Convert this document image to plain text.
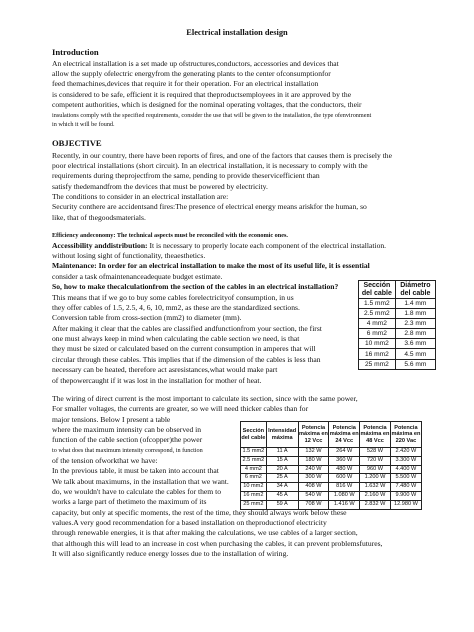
Electrical installation design
Introduction
An electrical installation is a set made up ofstructures,conductors, accessories and devices that
allow the supply ofelectric energyfrom the generating plants to the center ofconsumptionfor
feed themachines,devices that require it for their operation. For an electrical installation
is considered to be safe, efficient it is required that theproductsemployees in it are approved by the
competent authorities, which is designed for the nominal operating voltages, that the conductors, their
insulations comply with the specified requirements, consider the use that will be given to the installation, the type ofenvironment
in which it will be found.
OBJECTIVE
Recently, in our country, there have been reports of fires, and one of the factors that causes them is precisely the
poor electrical installations (short circuit). In an electrical installation, it is necessary to comply with the
requirements during theprojectfrom the same, pending to provide theservicefficient than
satisfy thedemandfrom the devices that must be powered by electricity.
The conditions to consider in an electrical installation are:
Security conthere are accidentsand fires:The presence of electrical energy means ariskfor the human, so
like, that of thegoodsmaterials.
Efficiency andeconomy: The technical aspects must be reconciled with the economic ones.
Accessibility anddistribution: It is necessary to properly locate each component of the electrical installation.
without losing sight of functionality, theaesthetics.
Maintenance: In order for an electrical installation to make the most of its useful life, it is essential
consider a task ofmaintenanceadequate budget estimate.
So, how to make thecalculationfrom the section of the cables in an electrical installation?
This means that if we go to buy some cables forelectricityof consumption, in us
they offer cables of 1.5, 2.5, 4, 6, 10, mm2, as these are the standardized sections.
Conversion table from cross-section (mm2) to diameter (mm).
After making it clear that the cables are classified andfunctionfrom your section, the first
one must always keep in mind when calculating the cable section we need, is that
they must be sized or calculated based on the current consumption in amperes that will
circular through these cables. This implies that if the dimension of the cables is less than
necessary can be heated, therefore act asresistances,what would make part
of thepowercaught if it was lost in the installation for mother of heat.
Sección del cable	Diámetro del cable
1.5 mm2	1.4 mm
2.5 mm2	1.8 mm
4 mm2	2.3 mm
6 mm2	2.8 mm
10 mm2	3.6 mm
16 mm2	4.5 mm
25 mm2	5.6 mm
The wiring of direct current is the most important to calculate its section, since with the same power,
For smaller voltages, the currents are greater, so we will need thicker cables than for
major tensions. Below I present a table
where the maximum intensity can be observed in
function of the cable section (ofcopper)the power
to what does that maximum intensity correspond, in function
of the tension ofworkthat we have:
In the previous table, it must be taken into account that
We talk about maximums, in the installation that we want.
do, we wouldn't have to calculate the cables for them to
works a large part of thetimeto the maximum of its
Sección del cable	Intensidad máxima	Potencia máxima en 12 Vcc	Potencia máxima en 24 Vcc	Potencia máxima en 48 Vcc	Potencia máxima en 220 Vac
1.5 mm2	11 A	132 W	264 W	528 W	2.420 W
2.5 mm2	15 A	180 W	360 W	720 W	3.300 W
4 mm2	20 A	240 W	480 W	960 W	4.400 W
6 mm2	25 A	300 W	600 W	1.200 W	5.500 W
10 mm2	34 A	408 W	816 W	1.632 W	7.480 W
16 mm2	45 A	540 W	1.080 W	2.160 W	9.900 W
25 mm2	59 A	708 W	1.416 W	2.832 W	12.980 W
capacity, but only at specific moments, the rest of the time, they should always work below these
values.A very good recommendation for a based installation on theproductionof electricity
through renewable energies, it is that after making the calculations, we use cables of a larger section,
that although this will lead to an increase in cost when purchasing the cables, it can prevent problemsfutures,
It will also significantly reduce energy losses due to the installation of wiring.
